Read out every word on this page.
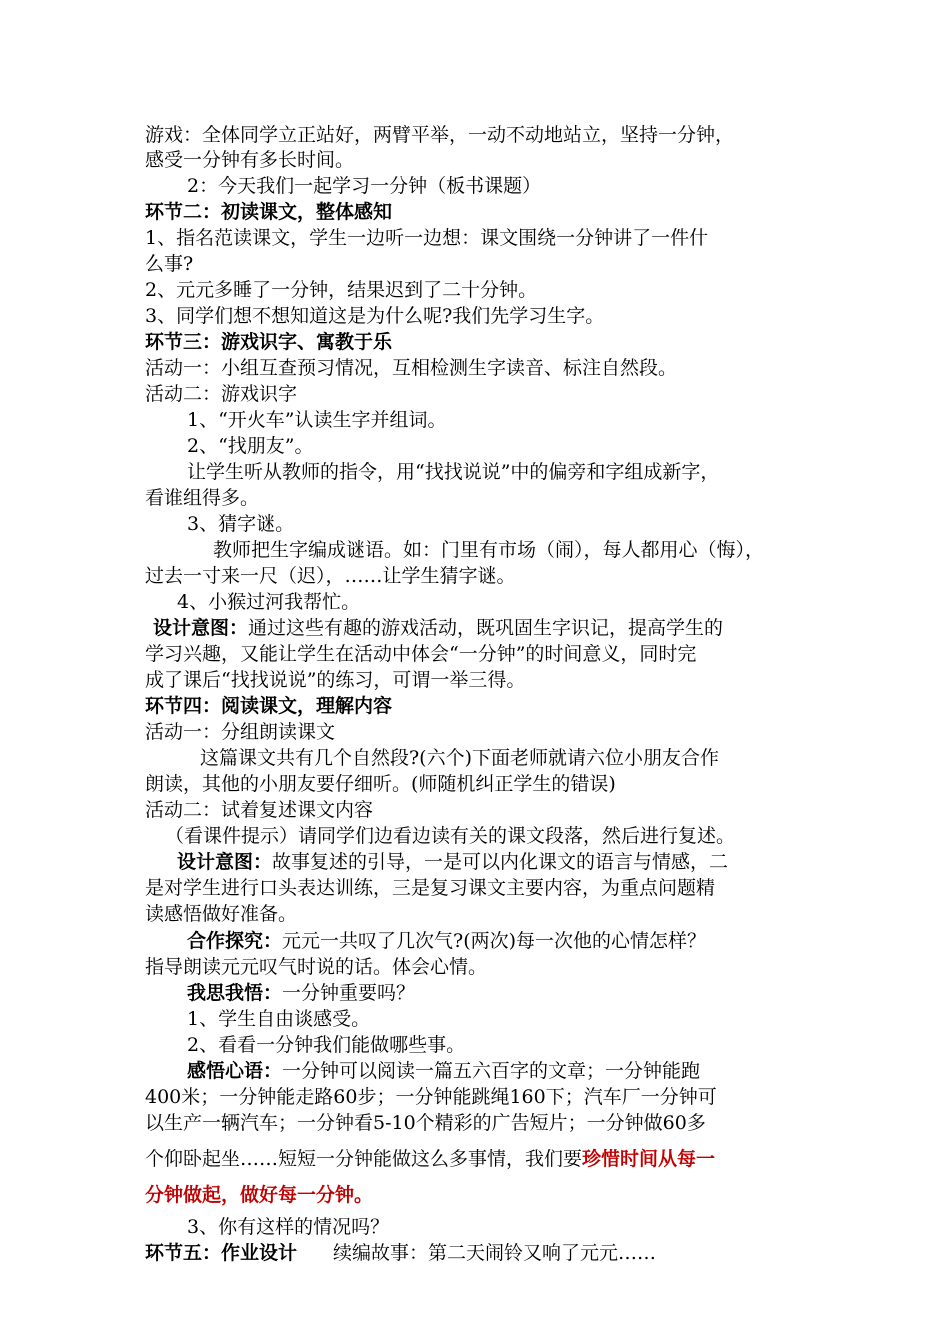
游戏：全体同学立正站好，两臂平举，一动不动地站立，坚持一分钟，
感受一分钟有多长时间。
2：今天我们一起学习一分钟（板书课题）
环节二：初读课文，整体感知
1、指名范读课文，学生一边听一边想：课文围绕一分钟讲了一件什
么事?
2、元元多睡了一分钟，结果迟到了二十分钟。
3、同学们想不想知道这是为什么呢?我们先学习生字。
环节三：游戏识字、寓教于乐
活动一：小组互查预习情况，互相检测生字读音、标注自然段。
活动二：游戏识字
1、“开火车”认读生字并组词。
2、“找朋友”。
让学生听从教师的指令，用“找找说说”中的偏旁和字组成新字，
看谁组得多。
3、猜字谜。
教师把生字编成谜语。如：门里有市场（闹），每人都用心（悔），
过去一寸来一尺（迟），……让学生猜字谜。
4、小猴过河我帮忙。
设计意图：通过这些有趣的游戏活动，既巩固生字识记，提高学生的
学习兴趣，又能让学生在活动中体会“一分钟”的时间意义，同时完
成了课后“找找说说”的练习，可谓一举三得。
环节四：阅读课文，理解内容
活动一：分组朗读课文
这篇课文共有几个自然段?(六个)下面老师就请六位小朋友合作
朗读，其他的小朋友要仔细听。(师随机纠正学生的错误)
活动二：试着复述课文内容
（看课件提示）请同学们边看边读有关的课文段落，然后进行复述。
设计意图：故事复述的引导，一是可以内化课文的语言与情感，二
是对学生进行口头表达训练，三是复习课文主要内容，为重点问题精
读感悟做好准备。
合作探究：元元一共叹了几次气?(两次)每一次他的心情怎样？
指导朗读元元叹气时说的话。体会心情。
我思我悟：一分钟重要吗？
1、学生自由谈感受。
2、看看一分钟我们能做哪些事。
感悟心语：一分钟可以阅读一篇五六百字的文章；一分钟能跑
400米；一分钟能走路60步；一分钟能跳绳160下；汽车厂一分钟可
以生产一辆汽车；一分钟看5-10个精彩的广告短片；一分钟做60多
个仰卧起坐……短短一分钟能做这么多事情，我们要珍惜时间从每一
分钟做起，做好每一分钟。
3、你有这样的情况吗？
环节五：作业设计 续编故事：第二天闹铃又响了元元……
